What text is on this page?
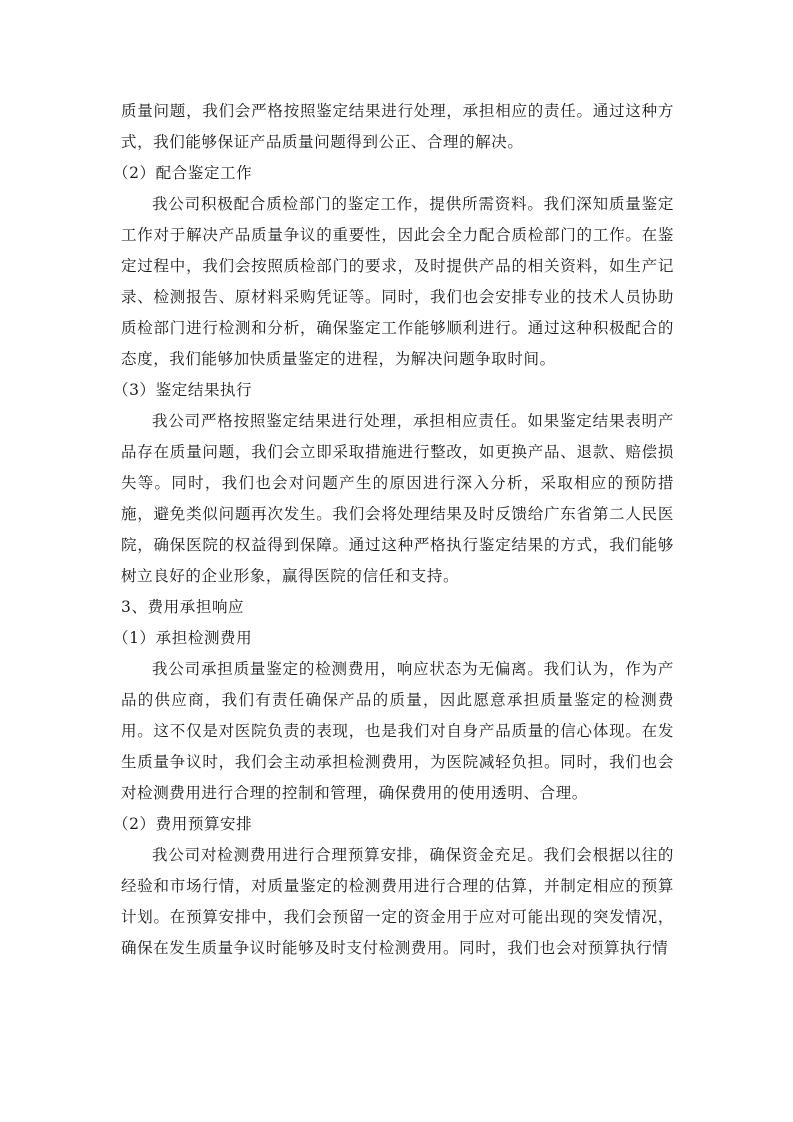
质量问题，我们会严格按照鉴定结果进行处理，承担相应的责任。通过这种方式，我们能够保证产品质量问题得到公正、合理的解决。

（2）配合鉴定工作

我公司积极配合质检部门的鉴定工作，提供所需资料。我们深知质量鉴定工作对于解决产品质量争议的重要性，因此会全力配合质检部门的工作。在鉴定过程中，我们会按照质检部门的要求，及时提供产品的相关资料，如生产记录、检测报告、原材料采购凭证等。同时，我们也会安排专业的技术人员协助质检部门进行检测和分析，确保鉴定工作能够顺利进行。通过这种积极配合的态度，我们能够加快质量鉴定的进程，为解决问题争取时间。

（3）鉴定结果执行

我公司严格按照鉴定结果进行处理，承担相应责任。如果鉴定结果表明产品存在质量问题，我们会立即采取措施进行整改，如更换产品、退款、赔偿损失等。同时，我们也会对问题产生的原因进行深入分析，采取相应的预防措施，避免类似问题再次发生。我们会将处理结果及时反馈给广东省第二人民医院，确保医院的权益得到保障。通过这种严格执行鉴定结果的方式，我们能够树立良好的企业形象，赢得医院的信任和支持。

3、费用承担响应

（1）承担检测费用

我公司承担质量鉴定的检测费用，响应状态为无偏离。我们认为，作为产品的供应商，我们有责任确保产品的质量，因此愿意承担质量鉴定的检测费用。这不仅是对医院负责的表现，也是我们对自身产品质量的信心体现。在发生质量争议时，我们会主动承担检测费用，为医院减轻负担。同时，我们也会对检测费用进行合理的控制和管理，确保费用的使用透明、合理。

（2）费用预算安排

我公司对检测费用进行合理预算安排，确保资金充足。我们会根据以往的经验和市场行情，对质量鉴定的检测费用进行合理的估算，并制定相应的预算计划。在预算安排中，我们会预留一定的资金用于应对可能出现的突发情况，确保在发生质量争议时能够及时支付检测费用。同时，我们也会对预算执行情
